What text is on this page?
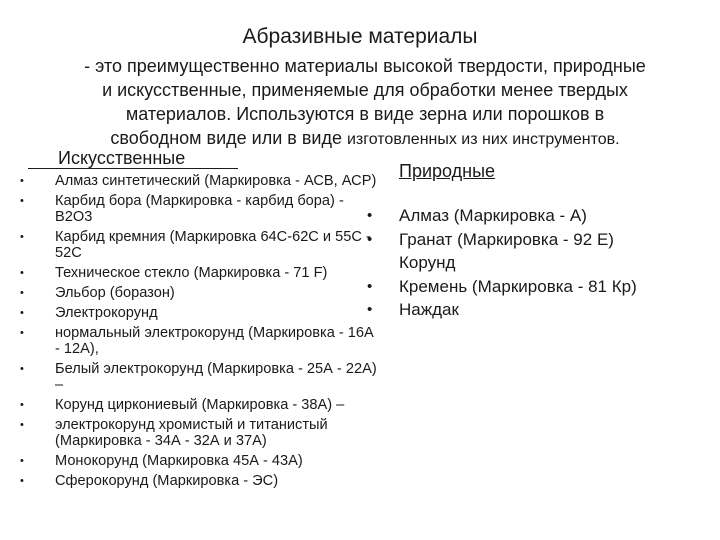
Абразивные материалы
- это преимущественно материалы высокой твердости, природные
и искусственные, применяемые для обработки менее твердых
материалов. Используются в виде зерна или порошков в
свободном виде или в виде изготовленных из них инструментов.
Искусственные
Природные
• Алмаз синтетический (Маркировка - АСВ, АСР)
• Карбид бора (Маркировка - карбид бора) - В2О3
• Карбид кремния (Маркировка 64С-62С и 55С - 52С
• Техническое стекло (Маркировка - 71 F)
• Эльбор (боразон)
• Электрокорунд
• нормальный электрокорунд (Маркировка - 16А - 12А),
• Белый электрокорунд (Маркировка - 25А - 22А) –
• Корунд циркониевый (Маркировка - 38А) –
• электрокорунд хромистый и титанистый (Маркировка - 34А - 32А и 37А)
• Монокорунд (Маркировка 45А - 43А)
• Сферокорунд (Маркировка - ЭС)
• Алмаз (Маркировка - А)
• Гранат (Маркировка - 92 Е)
Корунд
• Кремень (Маркировка - 81 Кр)
• Наждак
